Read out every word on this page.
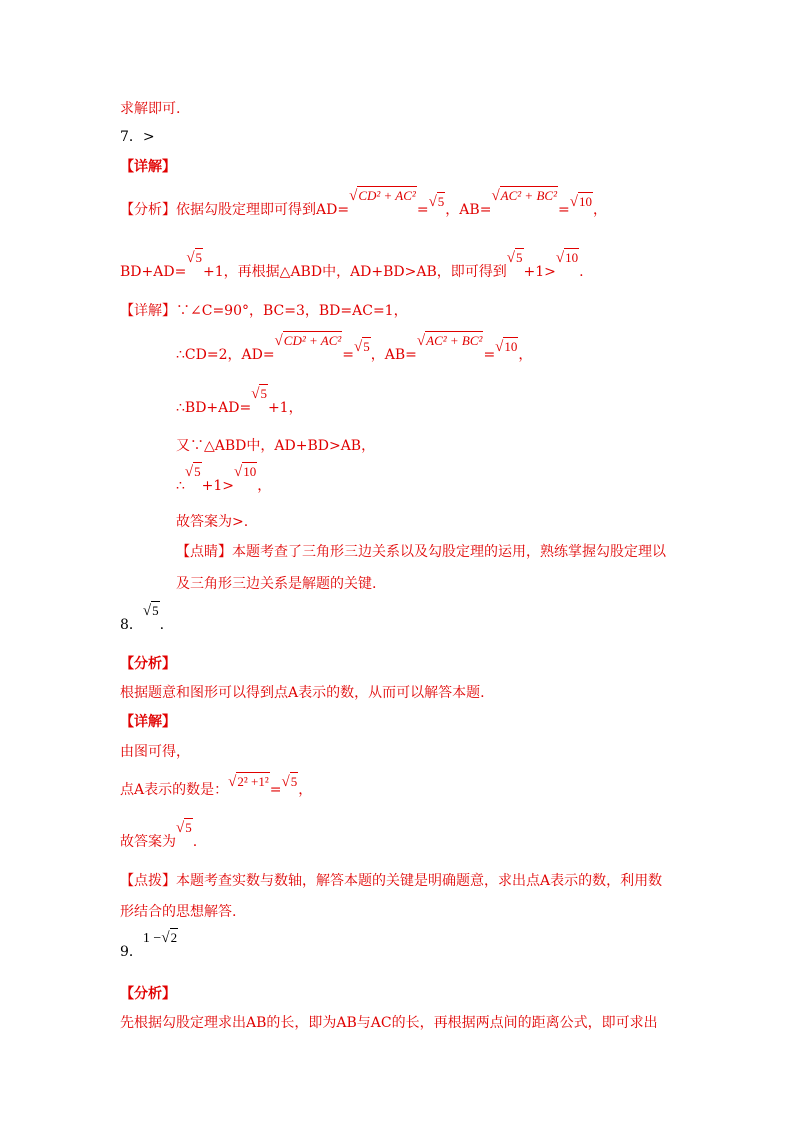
求解即可.
7．>
【详解】
【分析】依据勾股定理即可得到AD=√CD² + AC²=√5，AB=√AC² + BC²=√10，
BD+AD=√5+1，再根据△ABD中，AD+BD>AB，即可得到√5+1>√10.
【详解】∵∠C=90°，BC=3，BD=AC=1，
∴CD=2，AD=√CD² + AC²=√5，AB=√AC² + BC²=√10，
∴BD+AD=√5+1，
又∵△ABD中，AD+BD>AB，
∴√5+1>√10，
故答案为>.
【点睛】本题考查了三角形三边关系以及勾股定理的运用，熟练掌握勾股定理以
及三角形三边关系是解题的关键.
8．√5.
【分析】
根据题意和图形可以得到点A表示的数，从而可以解答本题.
【详解】
由图可得，
点A表示的数是：√2² +1²=√5，
故答案为√5.
【点拨】本题考查实数与数轴，解答本题的关键是明确题意，求出点A表示的数，利用数
形结合的思想解答.
9．1 −√2
【分析】
先根据勾股定理求出AB的长，即为AB与AC的长，再根据两点间的距离公式，即可求出
